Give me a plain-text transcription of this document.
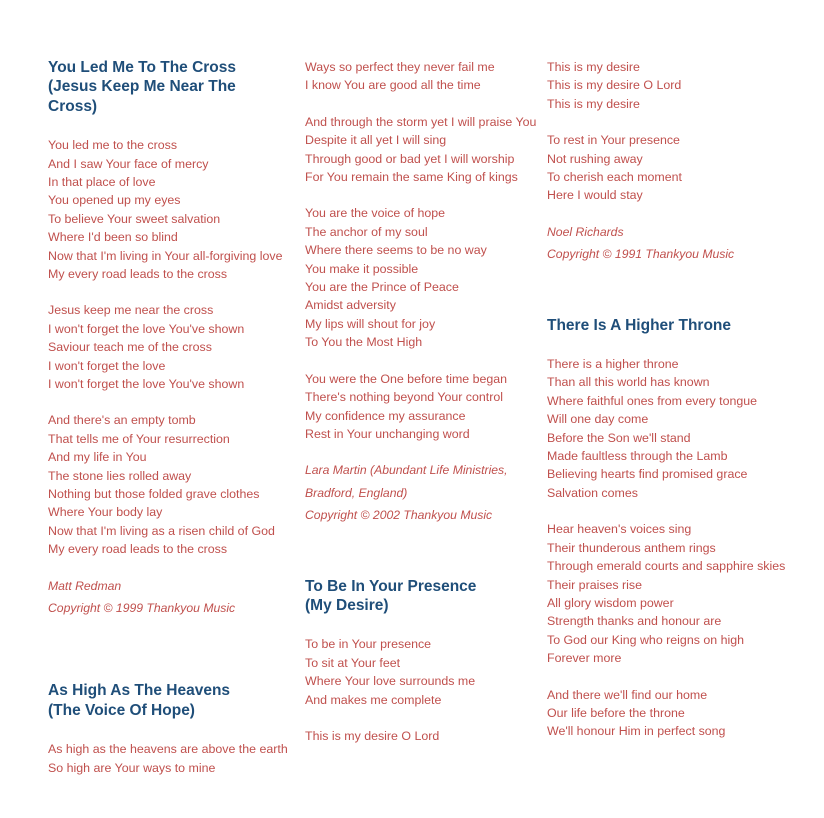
You Led Me To The Cross
(Jesus Keep Me Near The Cross)
You led me to the cross
And I saw Your face of mercy
In that place of love
You opened up my eyes
To believe Your sweet salvation
Where I'd been so blind
Now that I'm living in Your all-forgiving love
My every road leads to the cross
Jesus keep me near the cross
I won't forget the love You've shown
Saviour teach me of the cross
I won't forget the love
I won't forget the love You've shown
And there's an empty tomb
That tells me of Your resurrection
And my life in You
The stone lies rolled away
Nothing but those folded grave clothes
Where Your body lay
Now that I'm living as a risen child of God
My every road leads to the cross
Matt Redman
Copyright © 1999 Thankyou Music
As High As The Heavens
(The Voice Of Hope)
As high as the heavens are above the earth
So high are Your ways to mine
Ways so perfect they never fail me
I know You are good all the time
And through the storm yet I will praise You
Despite it all yet I will sing
Through good or bad yet I will worship
For You remain the same King of kings
You are the voice of hope
The anchor of my soul
Where there seems to be no way
You make it possible
You are the Prince of Peace
Amidst adversity
My lips will shout for joy
To You the Most High
You were the One before time began
There's nothing beyond Your control
My confidence my assurance
Rest in Your unchanging word
Lara Martin (Abundant Life Ministries,
Bradford, England)
Copyright © 2002 Thankyou Music
To Be In Your Presence
(My Desire)
To be in Your presence
To sit at Your feet
Where Your love surrounds me
And makes me complete
This is my desire O Lord
This is my desire
This is my desire O Lord
This is my desire
To rest in Your presence
Not rushing away
To cherish each moment
Here I would stay
Noel Richards
Copyright © 1991 Thankyou Music
There Is A Higher Throne
There is a higher throne
Than all this world has known
Where faithful ones from every tongue
Will one day come
Before the Son we'll stand
Made faultless through the Lamb
Believing hearts find promised grace
Salvation comes
Hear heaven's voices sing
Their thunderous anthem rings
Through emerald courts and sapphire skies
Their praises rise
All glory wisdom power
Strength thanks and honour are
To God our King who reigns on high
Forever more
And there we'll find our home
Our life before the throne
We'll honour Him in perfect song
